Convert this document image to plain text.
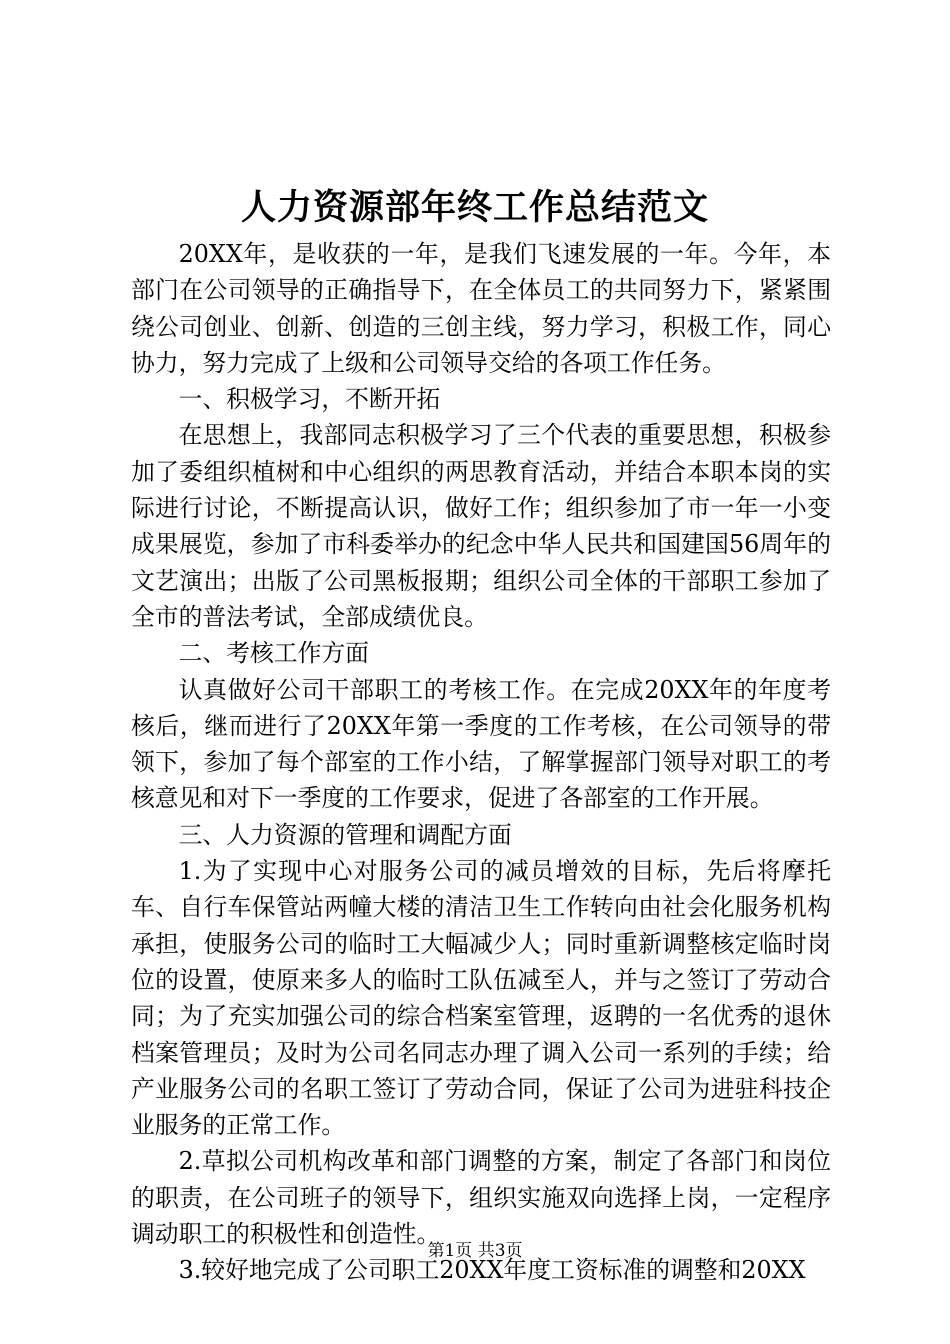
人力资源部年终工作总结范文

20XX年，是收获的一年，是我们飞速发展的一年。今年，本部门在公司领导的正确指导下，在全体员工的共同努力下，紧紧围绕公司创业、创新、创造的三创主线，努力学习，积极工作，同心协力，努力完成了上级和公司领导交给的各项工作任务。

一、积极学习，不断开拓

在思想上，我部同志积极学习了三个代表的重要思想，积极参加了委组织植树和中心组织的两思教育活动，并结合本职本岗的实际进行讨论，不断提高认识，做好工作；组织参加了市一年一小变成果展览，参加了市科委举办的纪念中华人民共和国建国56周年的文艺演出；出版了公司黑板报期；组织公司全体的干部职工参加了全市的普法考试，全部成绩优良。

二、考核工作方面

认真做好公司干部职工的考核工作。在完成20XX年的年度考核后，继而进行了20XX年第一季度的工作考核，在公司领导的带领下，参加了每个部室的工作小结，了解掌握部门领导对职工的考核意见和对下一季度的工作要求，促进了各部室的工作开展。

三、人力资源的管理和调配方面

1.为了实现中心对服务公司的减员增效的目标，先后将摩托车、自行车保管站两幢大楼的清洁卫生工作转向由社会化服务机构承担，使服务公司的临时工大幅减少人；同时重新调整核定临时岗位的设置，使原来多人的临时工队伍减至人，并与之签订了劳动合同；为了充实加强公司的综合档案室管理，返聘的一名优秀的退休档案管理员；及时为公司名同志办理了调入公司一系列的手续；给产业服务公司的名职工签订了劳动合同，保证了公司为进驻科技企业服务的正常工作。

2.草拟公司机构改革和部门调整的方案，制定了各部门和岗位的职责，在公司班子的领导下，组织实施双向选择上岗，一定程序调动职工的积极性和创造性。

3.较好地完成了公司职工20XX年度工资标准的调整和20XX

第1页 共3页
